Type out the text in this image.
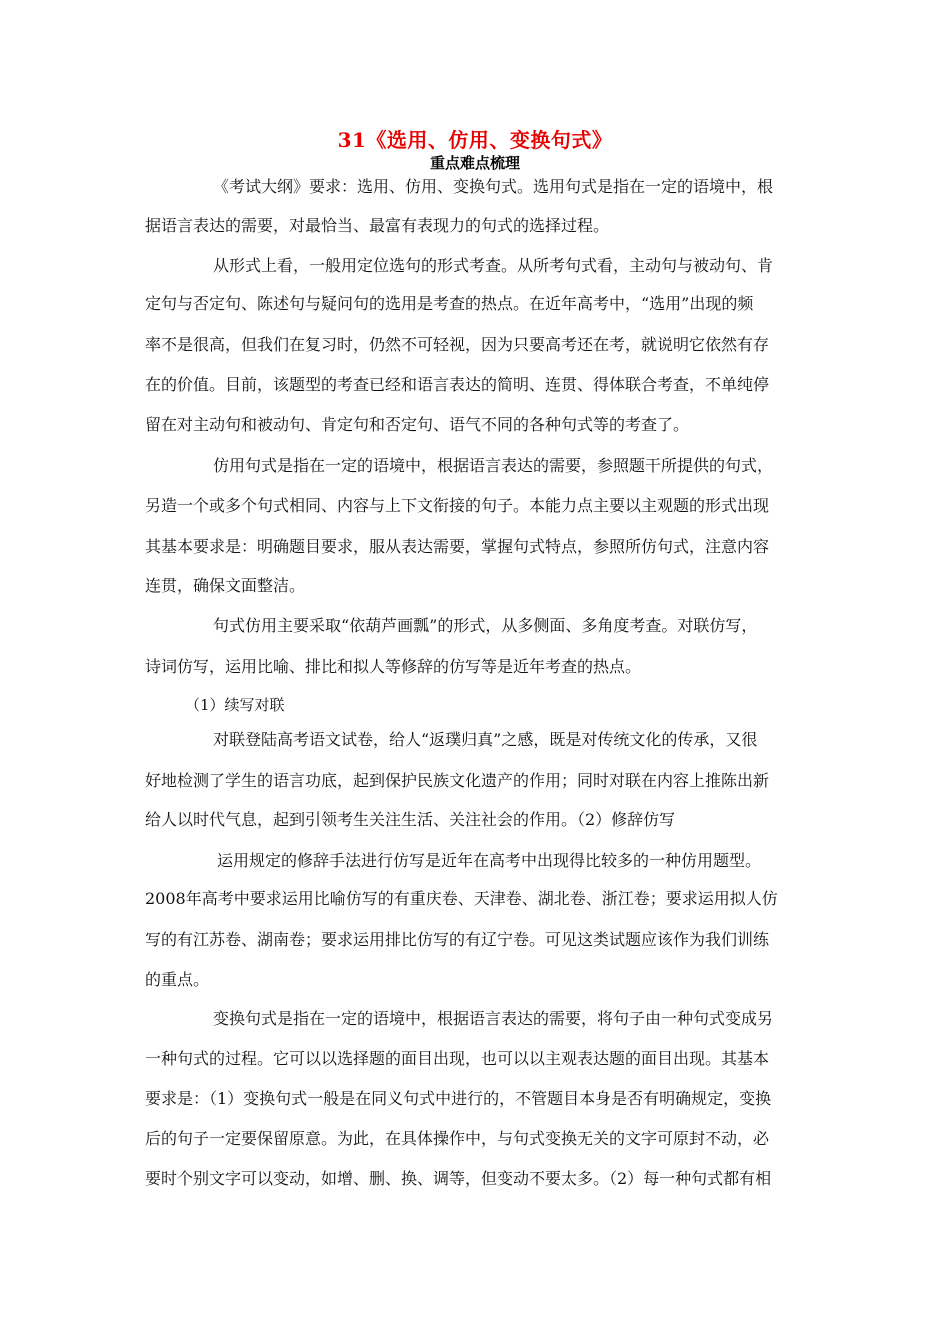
31《选用、仿用、变换句式》
重点难点梳理
《考试大纲》要求：选用、仿用、变换句式。选用句式是指在一定的语境中，根
据语言表达的需要，对最恰当、最富有表现力的句式的选择过程。
从形式上看，一般用定位选句的形式考查。从所考句式看，主动句与被动句、肯
定句与否定句、陈述句与疑问句的选用是考查的热点。在近年高考中，“选用”出现的频
率不是很高，但我们在复习时，仍然不可轻视，因为只要高考还在考，就说明它依然有存
在的价值。目前，该题型的考查已经和语言表达的简明、连贯、得体联合考查，不单纯停
留在对主动句和被动句、肯定句和否定句、语气不同的各种句式等的考查了。
仿用句式是指在一定的语境中，根据语言表达的需要，参照题干所提供的句式，
另造一个或多个句式相同、内容与上下文衔接的句子。本能力点主要以主观题的形式出现
其基本要求是：明确题目要求，服从表达需要，掌握句式特点，参照所仿句式，注意内容
连贯，确保文面整洁。
句式仿用主要采取“依葫芦画瓢”的形式，从多侧面、多角度考查。对联仿写，
诗词仿写，运用比喻、排比和拟人等修辞的仿写等是近年考查的热点。
（1）续写对联
对联登陆高考语文试卷，给人“返璞归真”之感，既是对传统文化的传承，又很
好地检测了学生的语言功底，起到保护民族文化遗产的作用；同时对联在内容上推陈出新
给人以时代气息，起到引领考生关注生活、关注社会的作用。（2）修辞仿写
运用规定的修辞手法进行仿写是近年在高考中出现得比较多的一种仿用题型。
2008年高考中要求运用比喻仿写的有重庆卷、天津卷、湖北卷、浙江卷；要求运用拟人仿
写的有江苏卷、湖南卷；要求运用排比仿写的有辽宁卷。可见这类试题应该作为我们训练
的重点。
变换句式是指在一定的语境中，根据语言表达的需要，将句子由一种句式变成另
一种句式的过程。它可以以选择题的面目出现，也可以以主观表达题的面目出现。其基本
要求是：（1）变换句式一般是在同义句式中进行的，不管题目本身是否有明确规定，变换
后的句子一定要保留原意。为此，在具体操作中，与句式变换无关的文字可原封不动，必
要时个别文字可以变动，如增、删、换、调等，但变动不要太多。（2）每一种句式都有相
